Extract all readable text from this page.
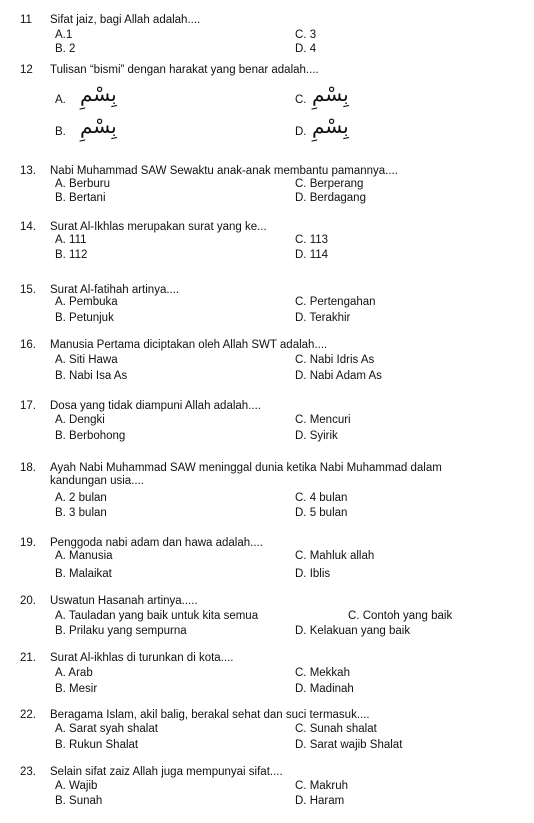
11 Sifat jaiz, bagi Allah adalah....
A.1
B. 2
C. 3
D. 4
12 Tulisan “bismi” dengan harakat yang benar adalah....
A. بِسْمِ
B. بِسْمِ
C. بِسْمِ
D. بِسْمِ
13. Nabi Muhammad SAW Sewaktu anak-anak membantu pamannya....
A. Berburu
B. Bertani
C. Berperang
D. Berdagang
14. Surat Al-Ikhlas merupakan surat yang ke...
A. 111
B. 112
C. 113
D. 114
15. Surat Al-fatihah artinya....
A. Pembuka
B. Petunjuk
C. Pertengahan
D. Terakhir
16. Manusia Pertama diciptakan oleh Allah SWT adalah....
A. Siti Hawa
B. Nabi Isa As
C. Nabi Idris As
D. Nabi Adam As
17. Dosa yang tidak diampuni Allah adalah....
A. Dengki
B. Berbohong
C. Mencuri
D. Syirik
18. Ayah Nabi Muhammad SAW meninggal dunia ketika Nabi Muhammad dalam
kandungan usia....
A. 2 bulan
B. 3 bulan
C. 4 bulan
D. 5 bulan
19. Penggoda nabi adam dan hawa adalah....
A. Manusia
B. Malaikat
C. Mahluk allah
D. Iblis
20. Uswatun Hasanah artinya.....
A. Tauladan yang baik untuk kita semua
B. Prilaku yang sempurna
C. Contoh yang baik
D. Kelakuan yang baik
21. Surat Al-ikhlas di turunkan di kota....
A. Arab
B. Mesir
C. Mekkah
D. Madinah
22. Beragama Islam, akil balig, berakal sehat dan suci termasuk....
A. Sarat syah shalat
B. Rukun Shalat
C. Sunah shalat
D. Sarat wajib Shalat
23. Selain sifat zaiz Allah juga mempunyai sifat....
A. Wajib
B. Sunah
C. Makruh
D. Haram
